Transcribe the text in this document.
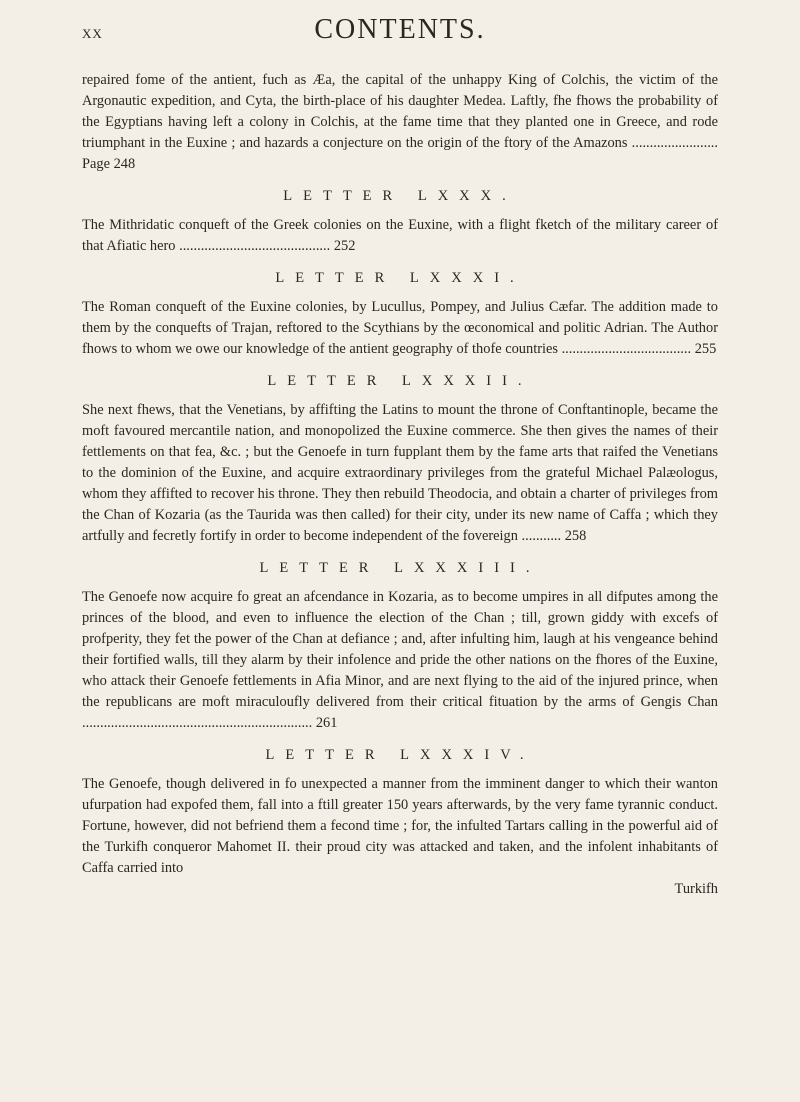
xx	CONTENTS.

repaired fome of the antient, fuch as Æa, the capital of the unhappy King of Colchis, the victim of the Argonautic expedition, and Cyta, the birth-place of his daughter Medea. Laftly, fhe fhows the probability of the Egyptians having left a colony in Colchis, at the fame time that they planted one in Greece, and rode triumphant in the Euxine ; and hazards a conjecture on the origin of the ftory of the Amazons ........................ Page 248

LETTER LXXX.

The Mithridatic conqueft of the Greek colonies on the Euxine, with a flight fketch of the military career of that Afiatic hero .......................................... 252

LETTER LXXXI.

The Roman conqueft of the Euxine colonies, by Lucullus, Pompey, and Julius Cæfar. The addition made to them by the conquefts of Trajan, reftored to the Scythians by the œconomical and politic Adrian. The Author fhows to whom we owe our knowledge of the antient geography of thofe countries .................................... 255

LETTER LXXXII.

She next fhews, that the Venetians, by affifting the Latins to mount the throne of Conftantinople, became the moft favoured mercantile nation, and monopolized the Euxine commerce. She then gives the names of their fettlements on that fea, &c. ; but the Genoefe in turn fupplant them by the fame arts that raifed the Venetians to the dominion of the Euxine, and acquire extraordinary privileges from the grateful Michael Palæologus, whom they affifted to recover his throne. They then rebuild Theodocia, and obtain a charter of privileges from the Chan of Kozaria (as the Taurida was then called) for their city, under its new name of Caffa ; which they artfully and fecretly fortify in order to become independent of the fovereign ........... 258

LETTER LXXXIII.

The Genoefe now acquire fo great an afcendance in Kozaria, as to become umpires in all difputes among the princes of the blood, and even to influence the election of the Chan ; till, grown giddy with excefs of profperity, they fet the power of the Chan at defiance ; and, after infulting him, laugh at his vengeance behind their fortified walls, till they alarm by their infolence and pride the other nations on the fhores of the Euxine, who attack their Genoefe fettlements in Afia Minor, and are next flying to the aid of the injured prince, when the republicans are moft miraculoufly delivered from their critical fituation by the arms of Gengis Chan ................................................................ 261

LETTER LXXXIV.

The Genoefe, though delivered in fo unexpected a manner from the imminent danger to which their wanton ufurpation had expofed them, fall into a ftill greater 150 years afterwards, by the very fame tyrannic conduct. Fortune, however, did not befriend them a fecond time ; for, the infulted Tartars calling in the powerful aid of the Turkifh conqueror Mahomet II. their proud city was attacked and taken, and the infolent inhabitants of Caffa carried into

Turkifh
